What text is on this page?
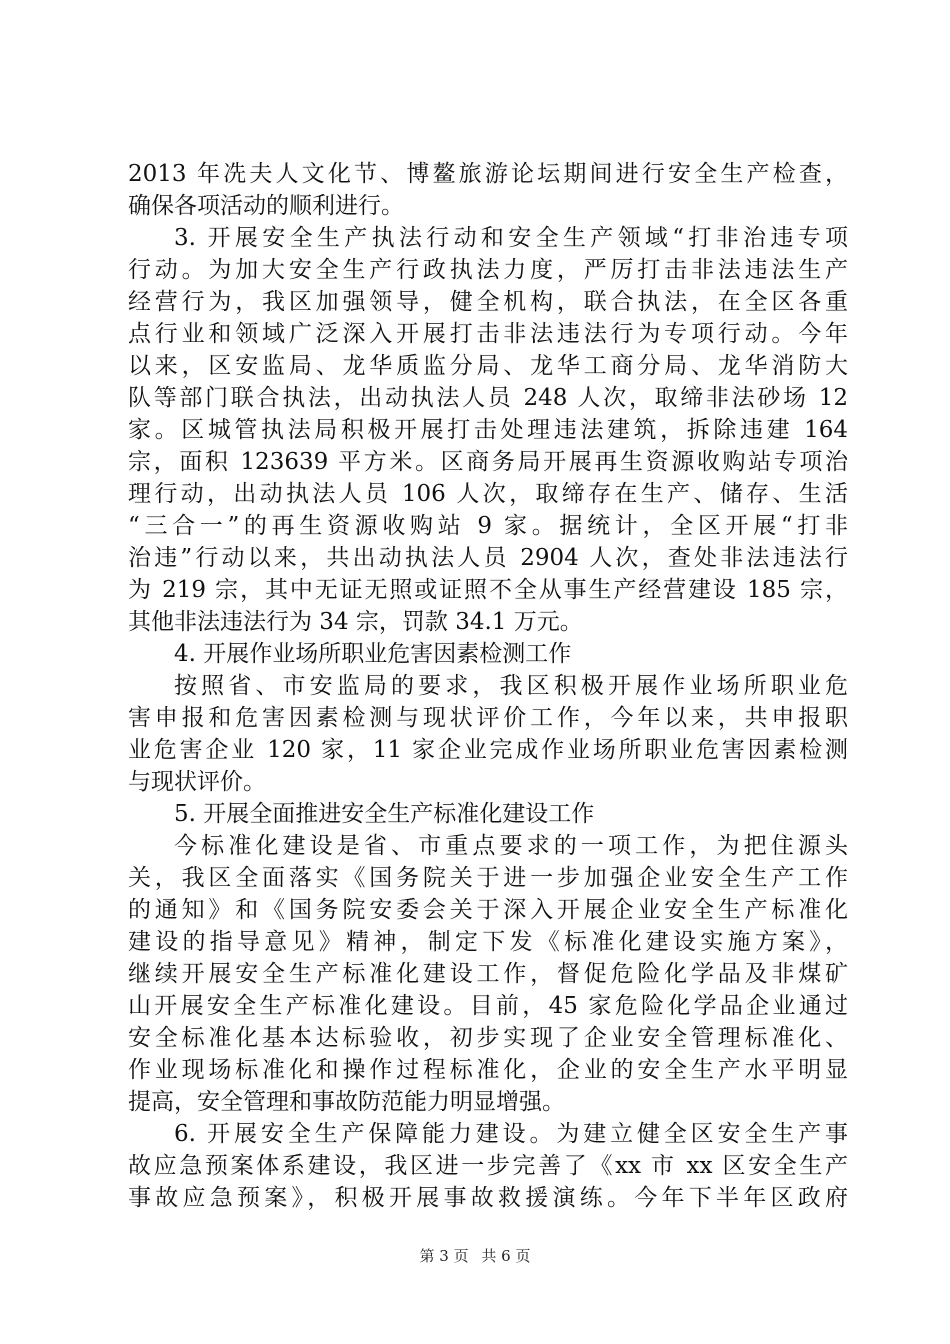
2013 年冼夫人文化节、博鳌旅游论坛期间进行安全生产检查，
确保各项活动的顺利进行。
3. 开展安全生产执法行动和安全生产领域“打非治违专项
行动。为加大安全生产行政执法力度，严厉打击非法违法生产
经营行为，我区加强领导，健全机构，联合执法，在全区各重
点行业和领域广泛深入开展打击非法违法行为专项行动。今年
以来，区安监局、龙华质监分局、龙华工商分局、龙华消防大
队等部门联合执法，出动执法人员 248 人次，取缔非法砂场 12
家。区城管执法局积极开展打击处理违法建筑，拆除违建 164
宗，面积 123639 平方米。区商务局开展再生资源收购站专项治
理行动，出动执法人员 106 人次，取缔存在生产、储存、生活
“三合一”的再生资源收购站 9 家。据统计，全区开展“打非
治违”行动以来，共出动执法人员 2904 人次，查处非法违法行
为 219 宗，其中无证无照或证照不全从事生产经营建设 185 宗，
其他非法违法行为 34 宗，罚款 34.1 万元。
4. 开展作业场所职业危害因素检测工作
按照省、市安监局的要求，我区积极开展作业场所职业危
害申报和危害因素检测与现状评价工作，今年以来，共申报职
业危害企业 120 家，11 家企业完成作业场所职业危害因素检测
与现状评价。
5. 开展全面推进安全生产标准化建设工作
今标准化建设是省、市重点要求的一项工作，为把住源头
关，我区全面落实《国务院关于进一步加强企业安全生产工作
的通知》和《国务院安委会关于深入开展企业安全生产标准化
建设的指导意见》精神，制定下发《标准化建设实施方案》，
继续开展安全生产标准化建设工作，督促危险化学品及非煤矿
山开展安全生产标准化建设。目前，45 家危险化学品企业通过
安全标准化基本达标验收，初步实现了企业安全管理标准化、
作业现场标准化和操作过程标准化，企业的安全生产水平明显
提高，安全管理和事故防范能力明显增强。
6. 开展安全生产保障能力建设。为建立健全区安全生产事
故应急预案体系建设，我区进一步完善了《xx 市 xx 区安全生产
事故应急预案》，积极开展事故救援演练。今年下半年区政府
第 3 页 共 6 页
